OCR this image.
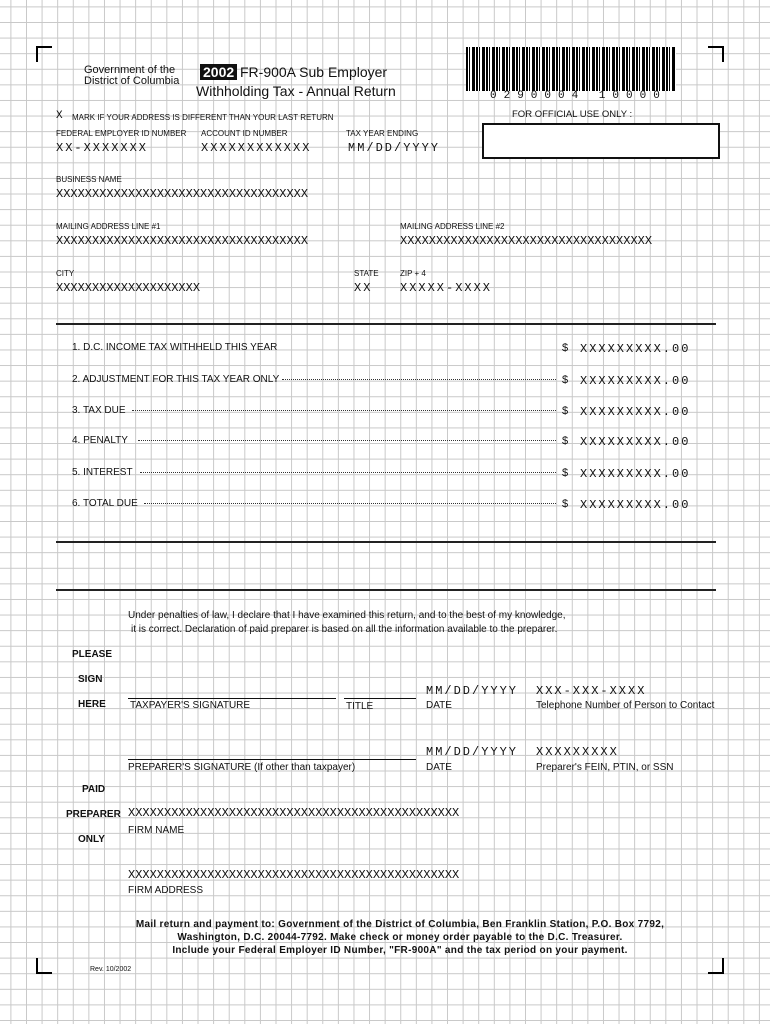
Government of the
District of Columbia
2002 FR-900A Sub Employer
Withholding Tax - Annual Return	0290004 10000
FOR OFFICIAL USE ONLY :
X MARK IF YOUR ADDRESS IS DIFFERENT THAN YOUR LAST RETURN
FEDERAL EMPLOYER ID NUMBER
XX-XXXXXXX
ACCOUNT ID NUMBER
XXXXXXXXXXXX
TAX YEAR ENDING
MM/DD/YYYY
BUSINESS NAME
XXXXXXXXXXXXXXXXXXXXXXXXXXXXXXXXXXX
MAILING ADDRESS LINE #1
XXXXXXXXXXXXXXXXXXXXXXXXXXXXXXXXXXX
MAILING ADDRESS LINE #2
XXXXXXXXXXXXXXXXXXXXXXXXXXXXXXXXXXX
CITY
XXXXXXXXXXXXXXXXXXXX
STATE
XX
ZIP + 4
XXXXX-XXXX
1. D.C. INCOME TAX WITHHELD THIS YEAR	$ XXXXXXXXX.00
2. ADJUSTMENT FOR THIS TAX YEAR ONLY	$ XXXXXXXXX.00
3. TAX DUE	$ XXXXXXXXX.00
4. PENALTY	$ XXXXXXXXX.00
5. INTEREST	$ XXXXXXXXX.00
6. TOTAL DUE	$ XXXXXXXXX.00
Under penalties of law, I declare that I have examined this return, and to the best of my knowledge,
it is correct. Declaration of paid preparer is based on all the information available to the preparer.
PLEASE
SIGN
HERE TAXPAYER'S SIGNATURE	TITLE
MM/DD/YYYY
DATE
XXX-XXX-XXXX
Telephone Number of Person to Contact
PREPARER'S SIGNATURE (If other than taxpayer)
MM/DD/YYYY
DATE
XXXXXXXXX
Preparer's FEIN, PTIN, or SSN
PAID
PREPARER
ONLY
XXXXXXXXXXXXXXXXXXXXXXXXXXXXXXXXXXXXXXXXXXXXXX
FIRM NAME
XXXXXXXXXXXXXXXXXXXXXXXXXXXXXXXXXXXXXXXXXXXXXX
FIRM ADDRESS
Mail return and payment to: Government of the District of Columbia, Ben Franklin Station, P.O. Box 7792,
Washington, D.C. 20044-7792. Make check or money order payable to the D.C. Treasurer.
Include your Federal Employer ID Number, "FR-900A" and the tax period on your payment.
Rev. 10/2002
